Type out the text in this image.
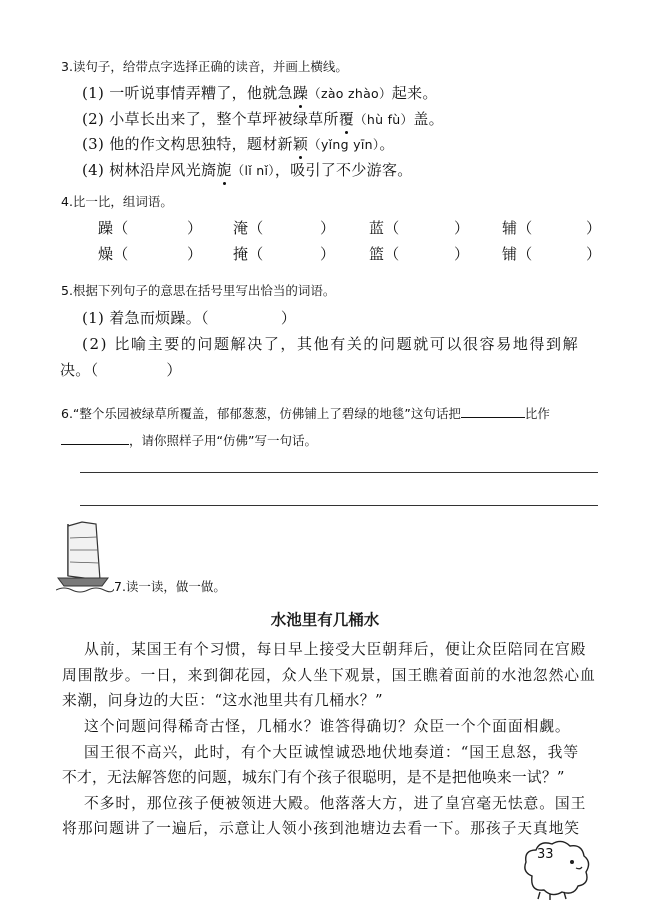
3.读句子，给带点字选择正确的读音，并画上横线。
(1) 一听说事情弄糟了，他就急躁（zào zhào）起来。
(2) 小草长出来了，整个草坪被绿草所覆（hù fù）盖。
(3) 他的作文构思独特，题材新颖（yǐng yīn）。
(4) 树林沿岸风光旖旎（lǐ nǐ），吸引了不少游客。
4.比一比，组词语。
躁（	） 淹（	） 蓝（	） 辅（	）
燥（	） 掩（	） 篮（	） 铺（	）
5.根据下列句子的意思在括号里写出恰当的词语。
(1) 着急而烦躁。（	）
(2) 比喻主要的问题解决了，其他有关的问题就可以很容易地得到解
决。（	）
6.“整个乐园被绿草所覆盖，郁郁葱葱，仿佛铺上了碧绿的地毯”这句话把	比作
，请你照样子用“仿佛”写一句话。
7.读一读，做一做。
水池里有几桶水
从前，某国王有个习惯，每日早上接受大臣朝拜后，便让众臣陪同在宫殿
周围散步。一日，来到御花园，众人坐下观景，国王瞧着面前的水池忽然心血
来潮，问身边的大臣：“这水池里共有几桶水？”
这个问题问得稀奇古怪，几桶水？谁答得确切？众臣一个个面面相觑。
国王很不高兴，此时，有个大臣诚惶诚恐地伏地奏道：“国王息怒，我等
不才，无法解答您的问题，城东门有个孩子很聪明，是不是把他唤来一试？”
不多时，那位孩子便被领进大殿。他落落大方，进了皇宫毫无怯意。国王
将那问题讲了一遍后，示意让人领小孩到池塘边去看一下。那孩子天真地笑
33
